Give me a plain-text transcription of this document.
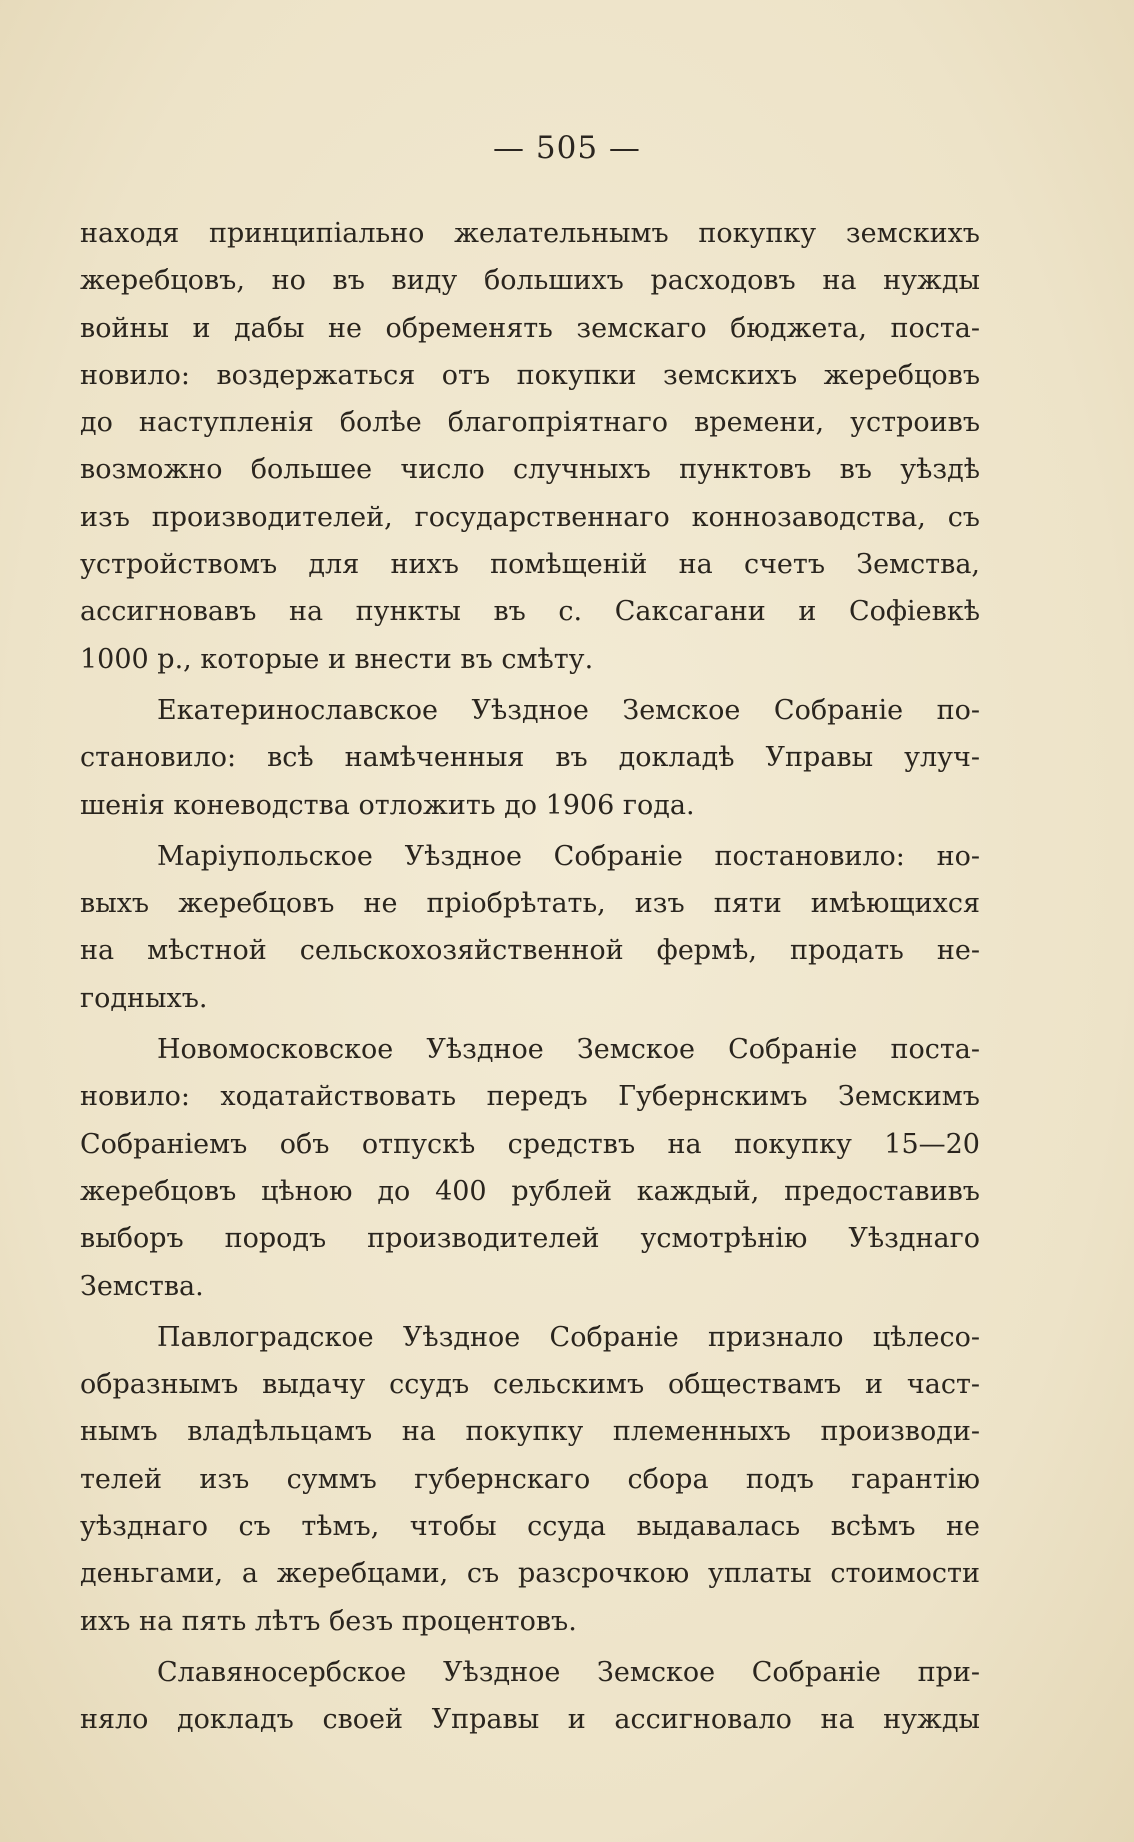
— 505 —
находя принципіально желательнымъ покупку земскихъ
жеребцовъ, но въ виду большихъ расходовъ на нужды
войны и дабы не обременять земскаго бюджета, поста-
новило: воздержаться отъ покупки земскихъ жеребцовъ
до наступленія болѣе благопріятнаго времени, устроивъ
возможно большее число случныхъ пунктовъ въ уѣздѣ
изъ производителей, государственнаго коннозаводства, съ
устройствомъ для нихъ помѣщеній на счетъ Земства,
ассигновавъ на пункты въ с. Саксагани и Софіевкѣ
1000 р., которые и внести въ смѣту.
Екатеринославское Уѣздное Земское Собраніе по-
становило: всѣ намѣченныя въ докладѣ Управы улуч-
шенія коневодства отложить до 1906 года.
Маріупольское Уѣздное Собраніе постановило: но-
выхъ жеребцовъ не пріобрѣтать, изъ пяти имѣющихся
на мѣстной сельскохозяйственной фермѣ, продать не-
годныхъ.
Новомосковское Уѣздное Земское Собраніе поста-
новило: ходатайствовать передъ Губернскимъ Земскимъ
Собраніемъ объ отпускѣ средствъ на покупку 15—20
жеребцовъ цѣною до 400 рублей каждый, предоставивъ
выборъ породъ производителей усмотрѣнію Уѣзднаго
Земства.
Павлоградское Уѣздное Собраніе признало цѣлесо-
образнымъ выдачу ссудъ сельскимъ обществамъ и част-
нымъ владѣльцамъ на покупку племенныхъ производи-
телей изъ суммъ губернскаго сбора подъ гарантію
уѣзднаго съ тѣмъ, чтобы ссуда выдавалась всѣмъ не
деньгами, а жеребцами, съ разсрочкою уплаты стоимости
ихъ на пять лѣтъ безъ процентовъ.
Славяносербское Уѣздное Земское Собраніе при-
няло докладъ своей Управы и ассигновало на нужды
